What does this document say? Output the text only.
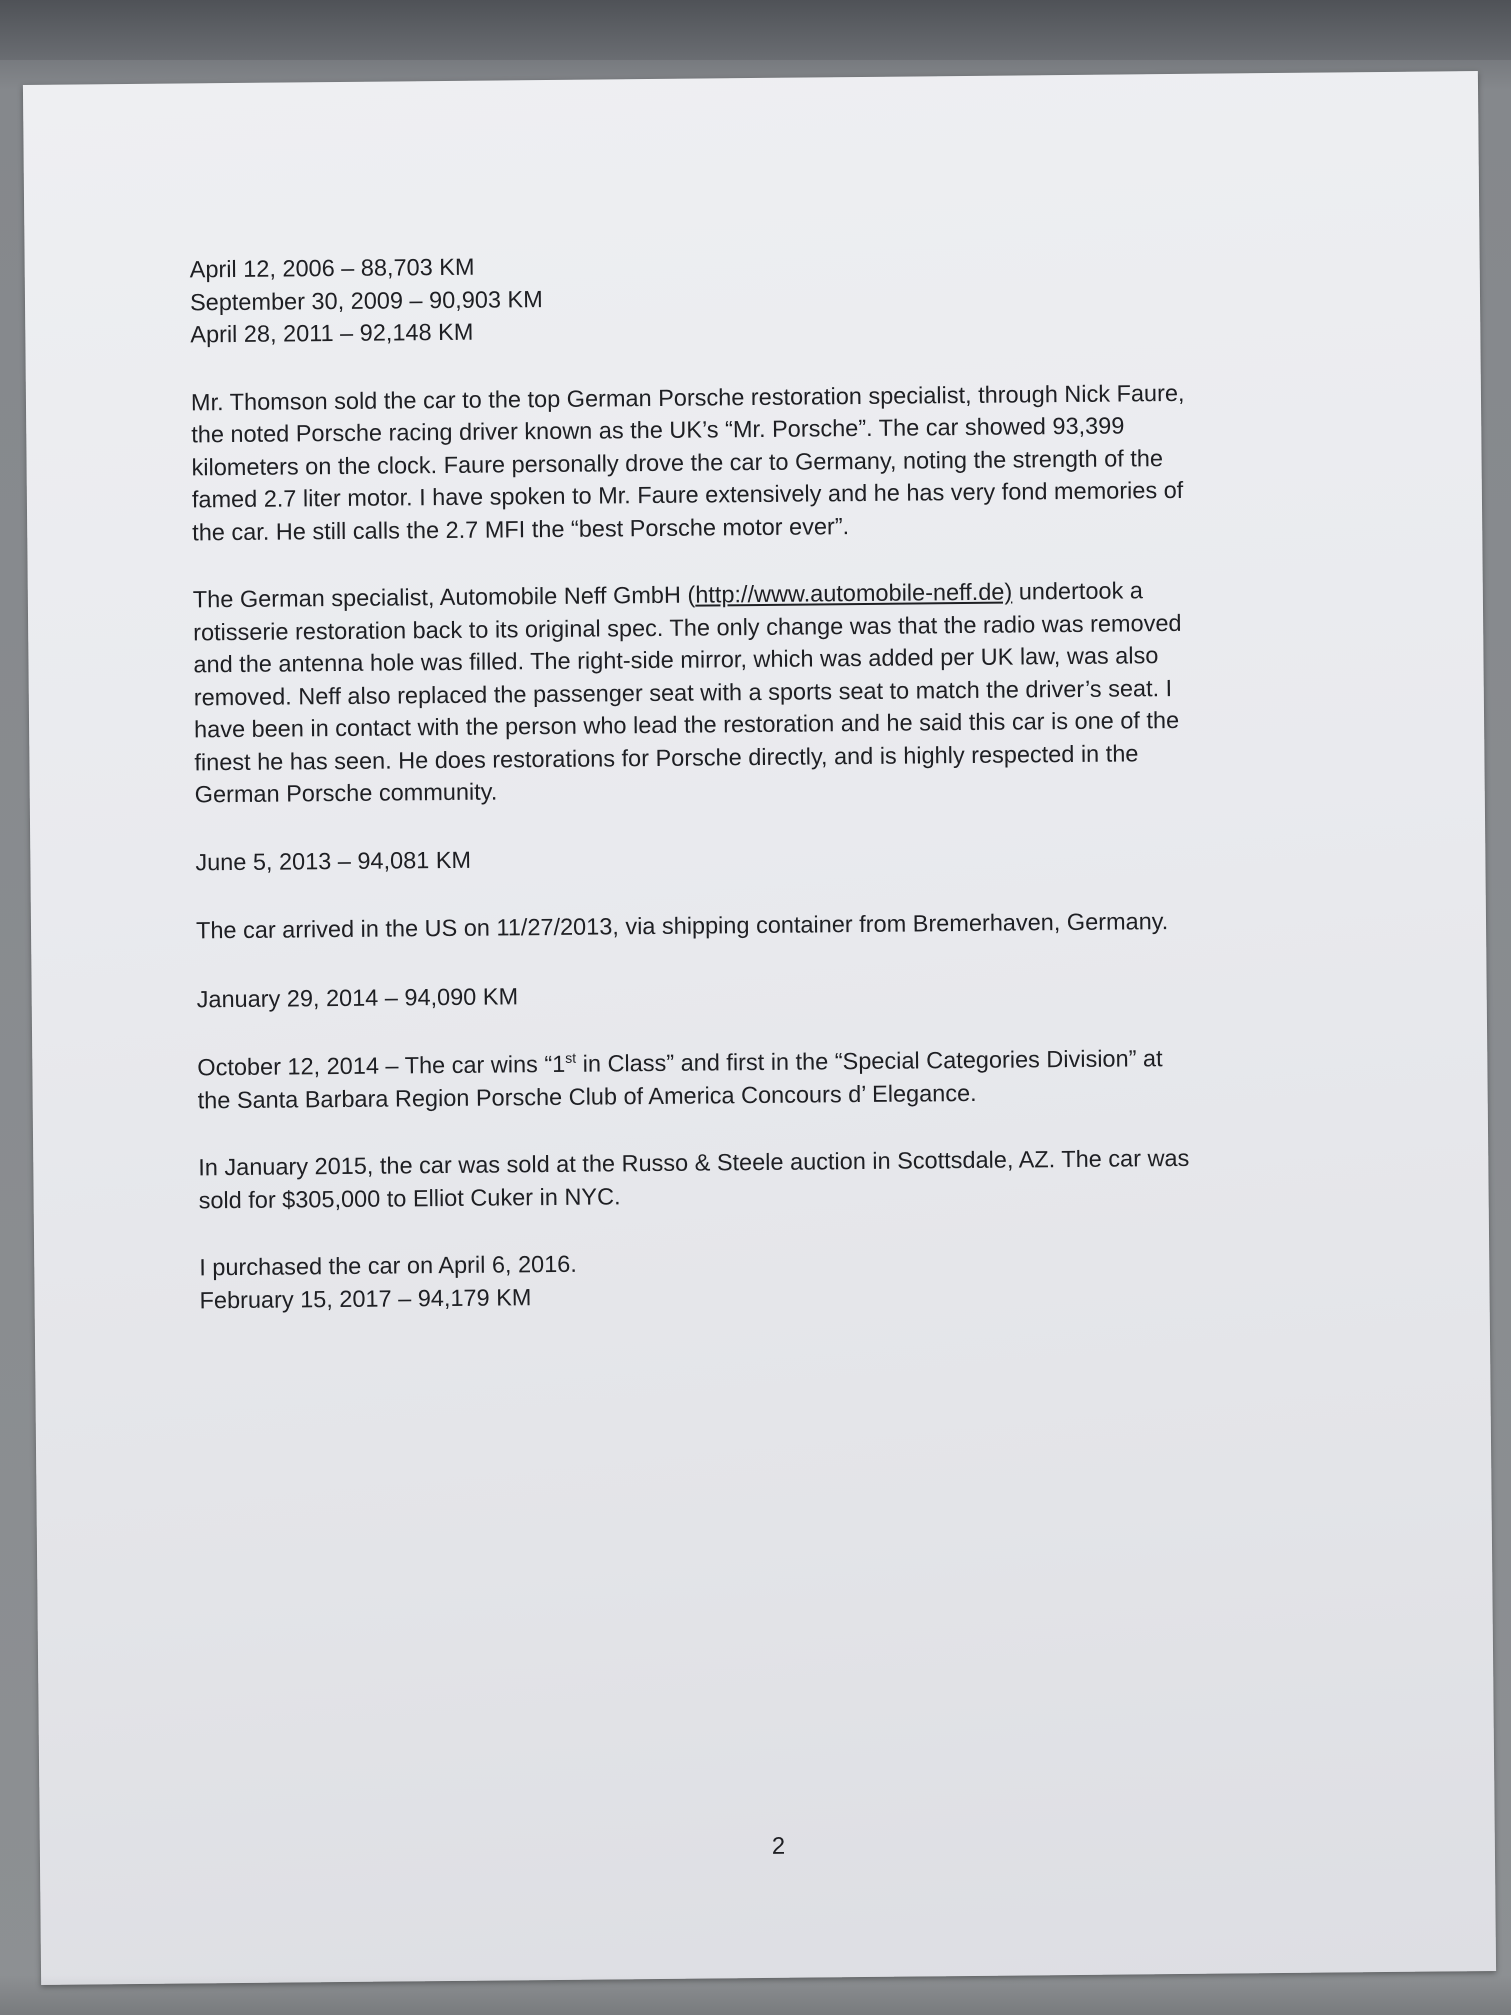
April 12, 2006 – 88,703 KM

September 30, 2009 – 90,903 KM

April 28, 2011 – 92,148 KM

Mr. Thomson sold the car to the top German Porsche restoration specialist, through Nick Faure,

the noted Porsche racing driver known as the UK’s “Mr. Porsche”. The car showed 93,399

kilometers on the clock. Faure personally drove the car to Germany, noting the strength of the

famed 2.7 liter motor. I have spoken to Mr. Faure extensively and he has very fond memories of

the car. He still calls the 2.7 MFI the “best Porsche motor ever”.

The German specialist, Automobile Neff GmbH (http://www.automobile-neff.de) undertook a

rotisserie restoration back to its original spec. The only change was that the radio was removed

and the antenna hole was filled. The right-side mirror, which was added per UK law, was also

removed. Neff also replaced the passenger seat with a sports seat to match the driver’s seat. I

have been in contact with the person who lead the restoration and he said this car is one of the

finest he has seen. He does restorations for Porsche directly, and is highly respected in the

German Porsche community.

June 5, 2013 – 94,081 KM

The car arrived in the US on 11/27/2013, via shipping container from Bremerhaven, Germany.

January 29, 2014 – 94,090 KM

October 12, 2014 – The car wins “1st in Class” and first in the “Special Categories Division” at

the Santa Barbara Region Porsche Club of America Concours d’ Elegance.

In January 2015, the car was sold at the Russo & Steele auction in Scottsdale, AZ. The car was

sold for $305,000 to Elliot Cuker in NYC.

I purchased the car on April 6, 2016.

February 15, 2017 – 94,179 KM

2
